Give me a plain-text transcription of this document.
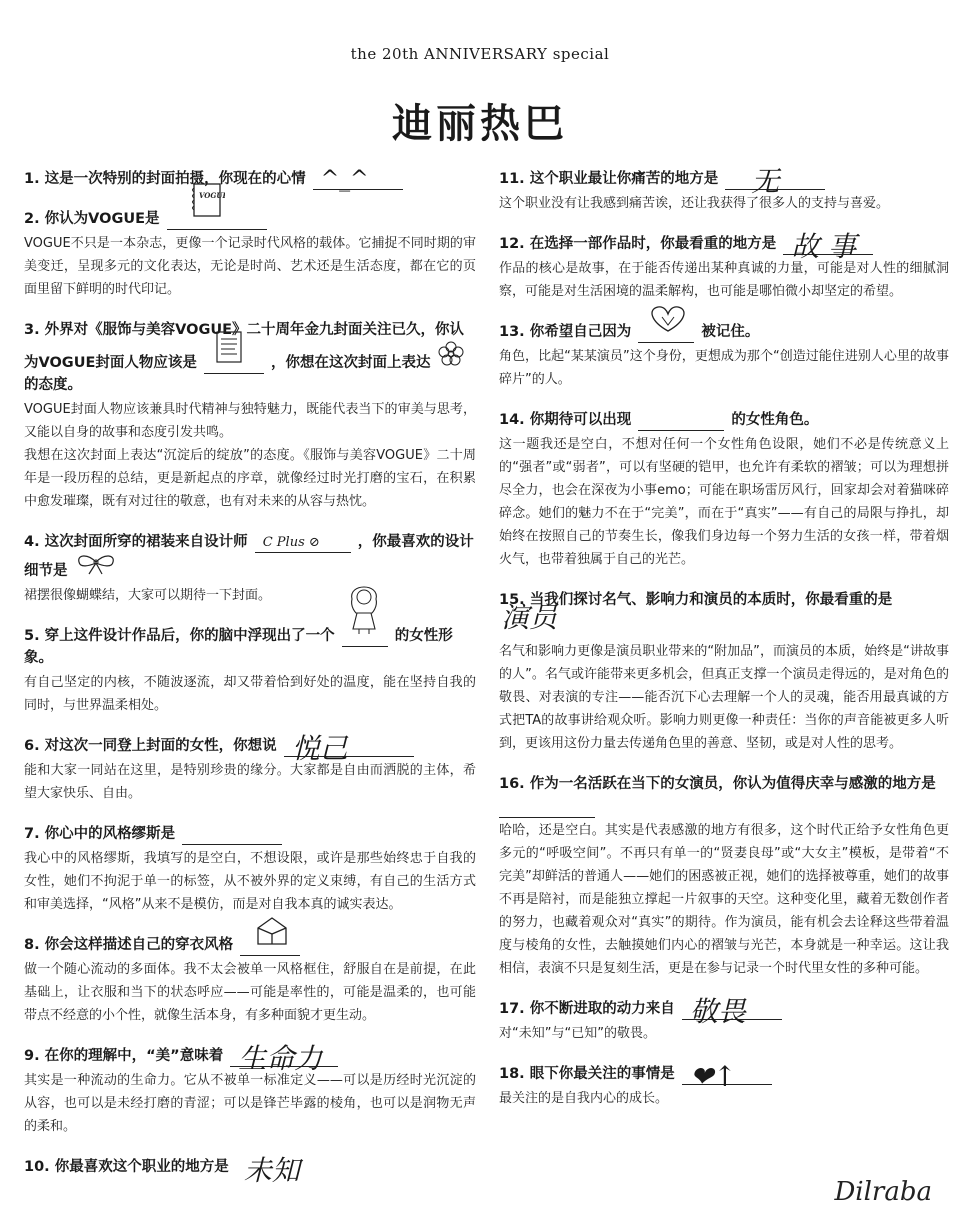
the 20th ANNIVERSARY special
迪丽热巴
1. 这是一次特别的封面拍摄，你现在的心情 ^_^
2. 你认为VOGUE是
VOGUE

VOGUE不只是一本杂志，更像一个记录时代风格的载体。它捕捉不同时期的审美变迁，呈现多元的文化表达，无论是时尚、艺术还是生活态度，都在它的页面里留下鲜明的时代印记。

3. 外界对《服饰与美容VOGUE》二十周年金九封面关注已久，你认为VOGUE封面人物应该是	，你想在这次封面上表达  的态度。

VOGUE封面人物应该兼具时代精神与独特魅力，既能代表当下的审美与思考，又能以自身的故事和态度引发共鸣。

我想在这次封面上表达“沉淀后的绽放”的态度。《服饰与美容VOGUE》二十周年是一段历程的总结，更是新起点的序章，就像经过时光打磨的宝石，在积累中愈发璀璨，既有对过往的敬意，也有对未来的从容与热忱。

4. 这次封面所穿的裙装来自设计师 C Plus ⊘	，你最喜欢的设计细节是

裙摆很像蝴蝶结，大家可以期待一下封面。

5. 穿上这件设计作品后，你的脑中浮现出了一个	的女性形象。

有自己坚定的内核，不随波逐流，却又带着恰到好处的温度，能在坚持自我的同时，与世界温柔相处。

6. 对这次一同登上封面的女性，你想说 悦己

能和大家一同站在这里，是特别珍贵的缘分。大家都是自由而洒脱的主体，希望大家快乐、自由。

7. 你心中的风格缪斯是

我心中的风格缪斯，我填写的是空白，不想设限，或许是那些始终忠于自我的女性，她们不拘泥于单一的标签，从不被外界的定义束缚，有自己的生活方式和审美选择，“风格”从来不是模仿，而是对自我本真的诚实表达。

8. 你会这样描述自己的穿衣风格

做一个随心流动的多面体。我不太会被单一风格框住，舒服自在是前提，在此基础上，让衣服和当下的状态呼应——可能是率性的，可能是温柔的，也可能带点不经意的小个性，就像生活本身，有多种面貌才更生动。

9. 在你的理解中，“美”意味着 生命力

其实是一种流动的生命力。它从不被单一标准定义——可以是历经时光沉淀的从容，也可以是未经打磨的青涩；可以是锋芒毕露的棱角，也可以是润物无声的柔和。

10. 你最喜欢这个职业的地方是 未知
11. 这个职业最让你痛苦的地方是 无

这个职业没有让我感到痛苦诶，还让我获得了很多人的支持与喜爱。

12. 在选择一部作品时，你最看重的地方是 故 事

作品的核心是故事，在于能否传递出某种真诚的力量，可能是对人性的细腻洞察，可能是对生活困境的温柔解构，也可能是哪怕微小却坚定的希望。

13. 你希望自己因为	被记住。

角色，比起“某某演员”这个身份，更想成为那个“创造过能住进别人心里的故事碎片”的人。

14. 你期待可以出现	的女性角色。

这一题我还是空白，不想对任何一个女性角色设限，她们不必是传统意义上的“强者”或“弱者”，可以有坚硬的铠甲，也允许有柔软的褶皱；可以为理想拼尽全力，也会在深夜为小事emo；可能在职场雷厉风行，回家却会对着猫咪碎碎念。她们的魅力不在于“完美”，而在于“真实”——有自己的局限与挣扎，却始终在按照自己的节奏生长，像我们身边每一个努力生活的女孩一样，带着烟火气，也带着独属于自己的光芒。

15. 当我们探讨名气、影响力和演员的本质时，你最看重的是 演员

名气和影响力更像是演员职业带来的“附加品”，而演员的本质，始终是“讲故事的人”。名气或许能带来更多机会，但真正支撑一个演员走得远的，是对角色的敬畏、对表演的专注——能否沉下心去理解一个人的灵魂，能否用最真诚的方式把TA的故事讲给观众听。影响力则更像一种责任：当你的声音能被更多人听到，更该用这份力量去传递角色里的善意、坚韧，或是对人性的思考。

16. 作为一名活跃在当下的女演员，你认为值得庆幸与感激的地方是

哈哈，还是空白。其实是代表感激的地方有很多，这个时代正给予女性角色更多元的“呼吸空间”。不再只有单一的“贤妻良母”或“大女主”模板，是带着“不完美”却鲜活的普通人——她们的困惑被正视，她们的选择被尊重，她们的故事不再是陪衬，而是能独立撑起一片叙事的天空。这种变化里，藏着无数创作者的努力，也藏着观众对“真实”的期待。作为演员，能有机会去诠释这些带着温度与棱角的女性，去触摸她们内心的褶皱与光芒，本身就是一种幸运。这让我相信，表演不只是复刻生活，更是在参与记录一个时代里女性的多种可能。

17. 你不断进取的动力来自 敬畏

对“未知”与“已知”的敬畏。

18. 眼下你最关注的事情是 ❤↑

最关注的是自我内心的成长。

Dilraba
